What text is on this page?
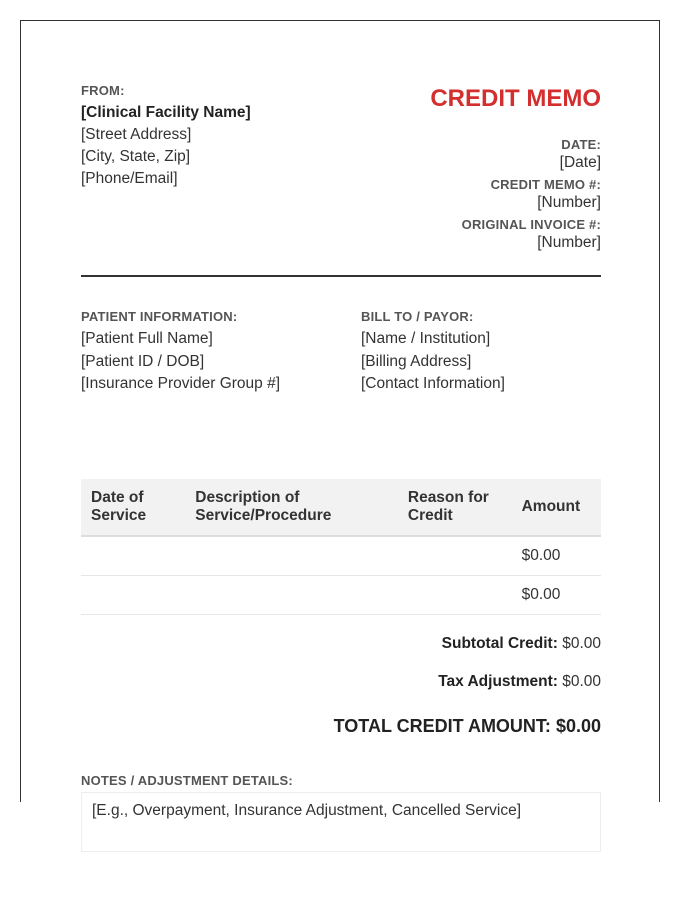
FROM:
[Clinical Facility Name]
[Street Address]
[City, State, Zip]
[Phone/Email]
CREDIT MEMO
DATE:
[Date]
CREDIT MEMO #:
[Number]
ORIGINAL INVOICE #:
[Number]
PATIENT INFORMATION:
[Patient Full Name]
[Patient ID / DOB]
[Insurance Provider Group #]
BILL TO / PAYOR:
[Name / Institution]
[Billing Address]
[Contact Information]
Date of Service	Description of Service/Procedure	Reason for Credit	Amount
			$0.00
			$0.00
Subtotal Credit: $0.00
Tax Adjustment: $0.00
TOTAL CREDIT AMOUNT: $0.00
NOTES / ADJUSTMENT DETAILS:
[E.g., Overpayment, Insurance Adjustment, Cancelled Service]
